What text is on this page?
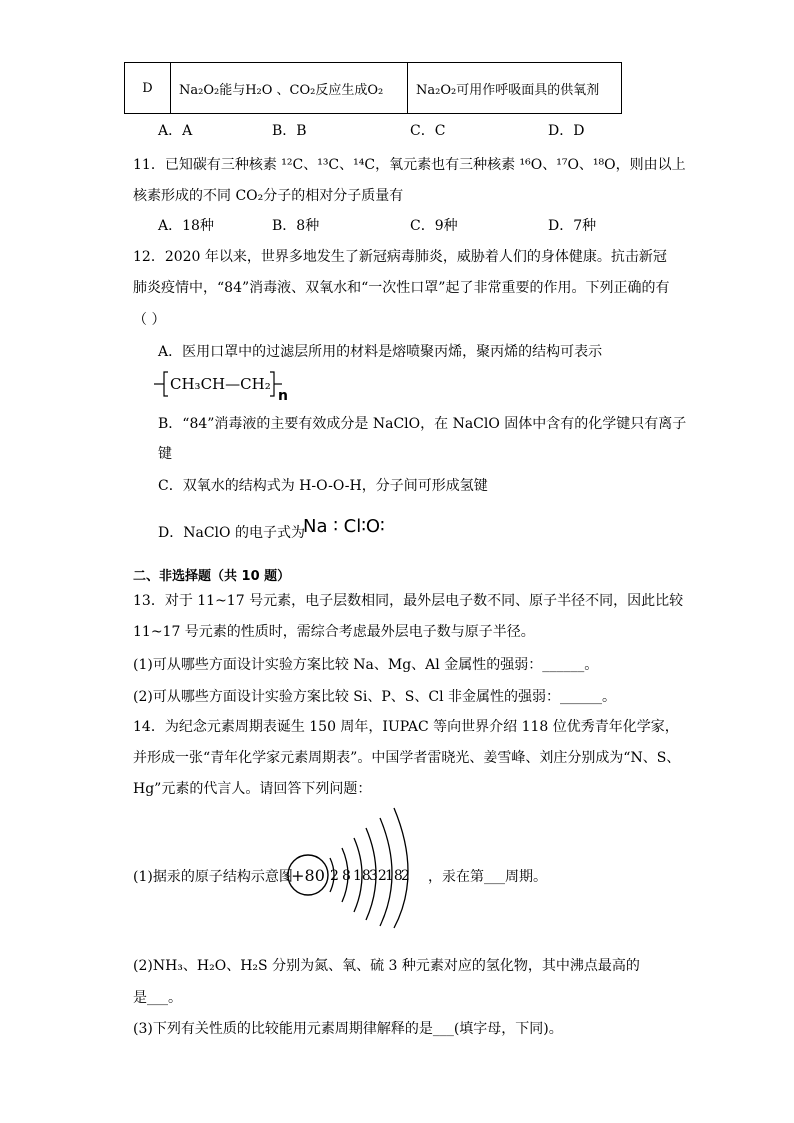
D	Na₂O₂能与H₂O 、CO₂反应生成O₂	Na₂O₂可用作呼吸面具的供氧剂
A．A	B．B	C．C	D．D
11．已知碳有三种核素 ¹²C、¹³C、¹⁴C，氧元素也有三种核素 ¹⁶O、¹⁷O、¹⁸O，则由以上
核素形成的不同 CO₂分子的相对分子质量有
A．18种	B．8种	C．9种	D．7种
12．2020 年以来，世界多地发生了新冠病毒肺炎，威胁着人们的身体健康。抗击新冠
肺炎疫情中，“84”消毒液、双氧水和“一次性口罩”起了非常重要的作用。下列正确的有
（ ）
A．医用口罩中的过滤层所用的材料是熔喷聚丙烯，聚丙烯的结构可表示
CH₃CH—CH₂
n
B．“84”消毒液的主要有效成分是 NaClO，在 NaClO 固体中含有的化学键只有离子
键
C．双氧水的结构式为 H-O-O-H，分子间可形成氢键
D．NaClO 的电子式为
Na ∶ Cl∶O∶
二、非选择题（共 10 题）
13．对于 11~17 号元素，电子层数相同，最外层电子数不同、原子半径不同，因此比较
11~17 号元素的性质时，需综合考虑最外层电子数与原子半径。
(1)可从哪些方面设计实验方案比较 Na、Mg、Al 金属性的强弱：______。
(2)可从哪些方面设计实验方案比较 Si、P、S、Cl 非金属性的强弱：______。
14．为纪念元素周期表诞生 150 周年，IUPAC 等向世界介绍 118 位优秀青年化学家，
并形成一张“青年化学家元素周期表”。中国学者雷晓光、姜雪峰、刘庄分别成为“N、S、
Hg”元素的代言人。请回答下列问题：
(1)据汞的原子结构示意图
+80 2 8 18
32
18
2 ，汞在第___周期。
(2)NH₃、H₂O、H₂S 分别为氮、氧、硫 3 种元素对应的氢化物，其中沸点最高的
是___。
(3)下列有关性质的比较能用元素周期律解释的是___(填字母，下同)。
